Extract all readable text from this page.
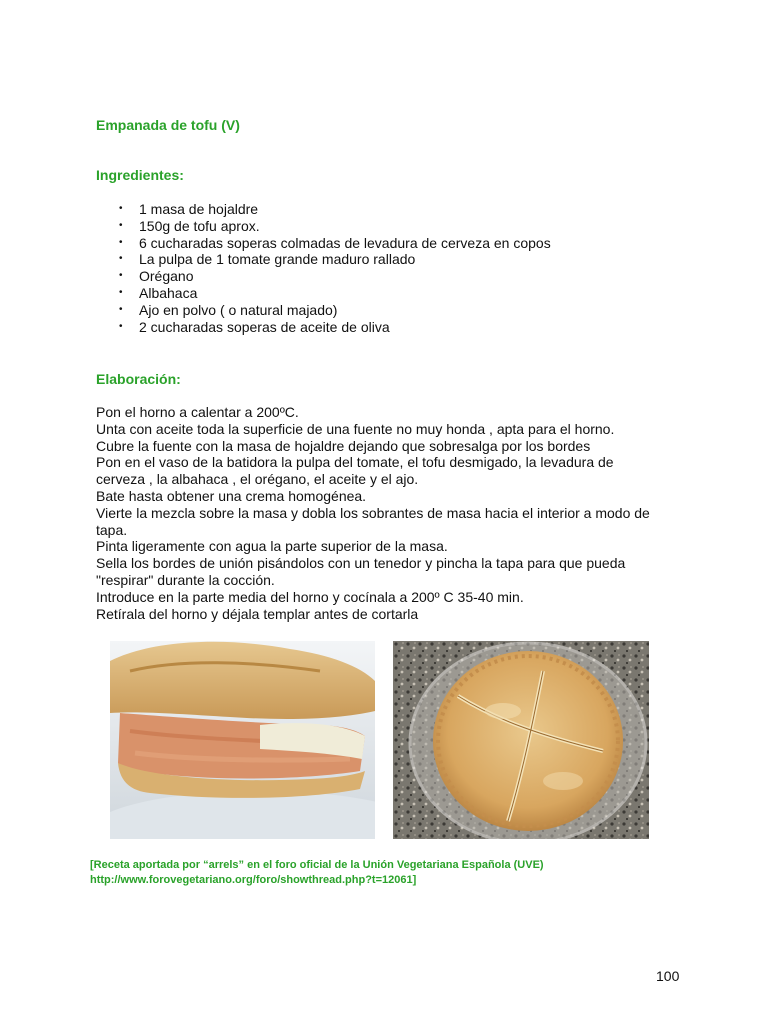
Empanada de tofu (V)
Ingredientes:
• 1 masa de hojaldre
• 150g de tofu aprox.
• 6 cucharadas soperas colmadas de levadura de cerveza en copos
• La pulpa de 1 tomate grande maduro rallado
• Orégano
• Albahaca
• Ajo en polvo ( o natural majado)
• 2 cucharadas soperas de aceite de oliva
Elaboración:
Pon el horno a calentar a 200ºC.
Unta con aceite toda la superficie de una fuente no muy honda , apta para el horno.
Cubre la fuente con la masa de hojaldre dejando que sobresalga por los bordes
Pon en el vaso de la batidora la pulpa del tomate, el tofu desmigado, la levadura de cerveza , la albahaca , el orégano, el aceite y el ajo.
Bate hasta obtener una crema homogénea.
Vierte la mezcla sobre la masa y dobla los sobrantes de masa hacia el interior a modo de tapa.
Pinta ligeramente con agua la parte superior de la masa.
Sella los bordes de unión pisándolos con un tenedor y pincha la tapa para que pueda "respirar" durante la cocción.
Introduce en la parte media del horno y cocínala a 200º C 35-40 min.
Retírala del horno y déjala templar antes de cortarla
[Receta aportada por “arrels” en el foro oficial de la Unión Vegetariana Española (UVE)
http://www.forovegetariano.org/foro/showthread.php?t=12061]
100
